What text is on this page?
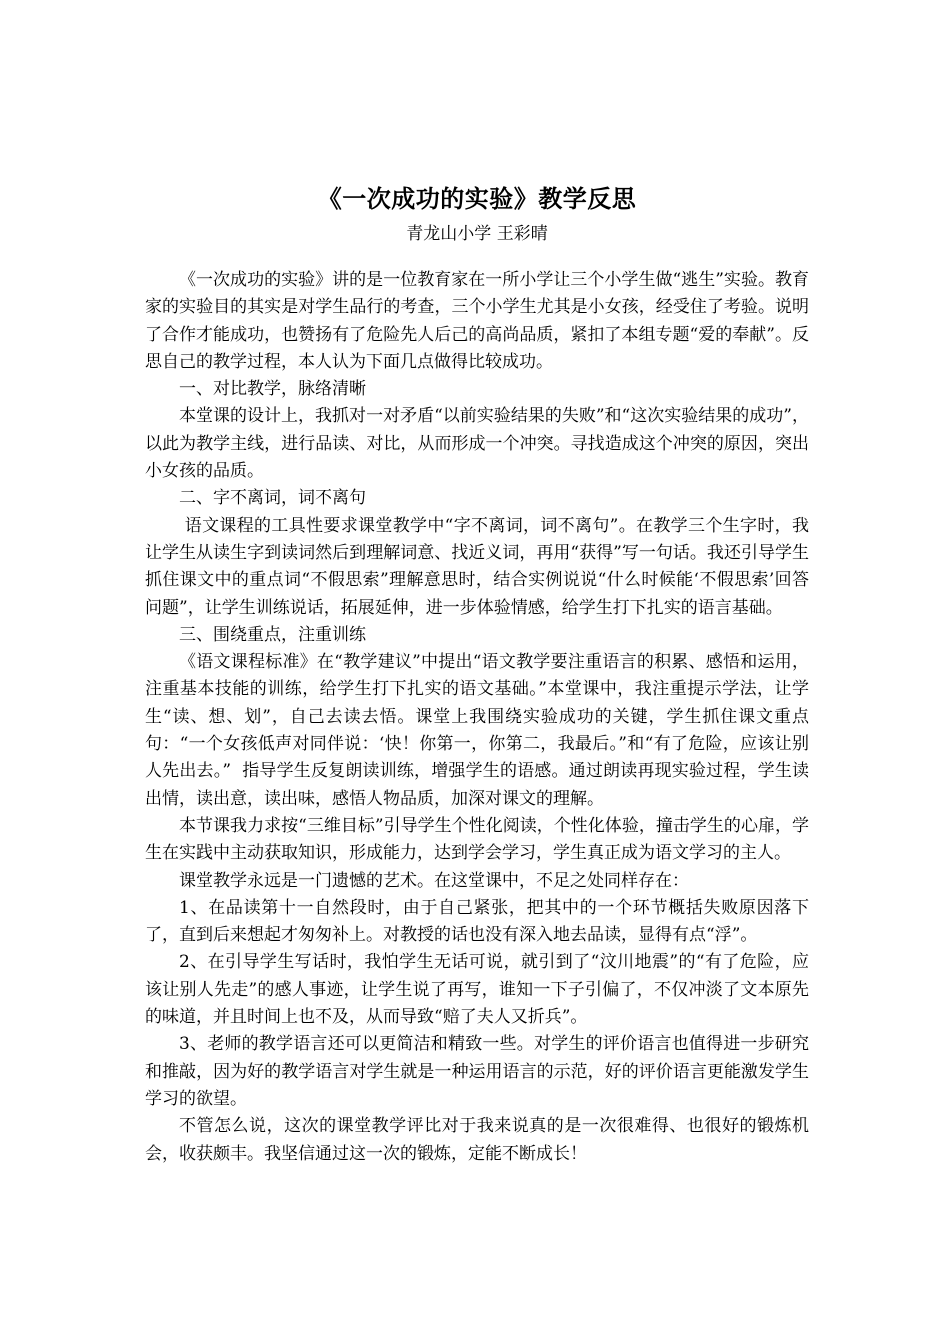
《一次成功的实验》教学反思
青龙山小学 王彩晴

《一次成功的实验》讲的是一位教育家在一所小学让三个小学生做“逃生”实验。教育家的实验目的其实是对学生品行的考查，三个小学生尤其是小女孩，经受住了考验。说明了合作才能成功，也赞扬有了危险先人后己的高尚品质，紧扣了本组专题“爱的奉献”。反思自己的教学过程，本人认为下面几点做得比较成功。

一、对比教学，脉络清晰

本堂课的设计上，我抓对一对矛盾“以前实验结果的失败”和“这次实验结果的成功”，以此为教学主线，进行品读、对比，从而形成一个冲突。寻找造成这个冲突的原因，突出小女孩的品质。

二、字不离词，词不离句

语文课程的工具性要求课堂教学中“字不离词，词不离句”。在教学三个生字时，我让学生从读生字到读词然后到理解词意、找近义词，再用“获得”写一句话。我还引导学生抓住课文中的重点词“不假思索”理解意思时，结合实例说说“什么时候能‘不假思索’回答问题”，让学生训练说话，拓展延伸，进一步体验情感，给学生打下扎实的语言基础。

三、围绕重点，注重训练

《语文课程标准》在“教学建议”中提出“语文教学要注重语言的积累、感悟和运用，注重基本技能的训练，给学生打下扎实的语文基础。”本堂课中，我注重提示学法，让学生“读、想、划”，自己去读去悟。课堂上我围绕实验成功的关键，学生抓住课文重点句：“一个女孩低声对同伴说：‘快！你第一，你第二，我最后。”和“有了危险，应该让别人先出去。”  指导学生反复朗读训练，增强学生的语感。通过朗读再现实验过程，学生读出情，读出意，读出味，感悟人物品质，加深对课文的理解。

本节课我力求按“三维目标”引导学生个性化阅读，个性化体验，撞击学生的心扉，学生在实践中主动获取知识，形成能力，达到学会学习，学生真正成为语文学习的主人。

课堂教学永远是一门遗憾的艺术。在这堂课中，不足之处同样存在：

1、在品读第十一自然段时，由于自己紧张，把其中的一个环节概括失败原因落下了，直到后来想起才匆匆补上。对教授的话也没有深入地去品读，显得有点“浮”。

2、在引导学生写话时，我怕学生无话可说，就引到了“汶川地震”的“有了危险，应该让别人先走”的感人事迹，让学生说了再写，谁知一下子引偏了，不仅冲淡了文本原先的味道，并且时间上也不及，从而导致“赔了夫人又折兵”。

3、老师的教学语言还可以更简洁和精致一些。对学生的评价语言也值得进一步研究和推敲，因为好的教学语言对学生就是一种运用语言的示范，好的评价语言更能激发学生学习的欲望。

不管怎么说，这次的课堂教学评比对于我来说真的是一次很难得、也很好的锻炼机会，收获颇丰。我坚信通过这一次的锻炼，定能不断成长！
